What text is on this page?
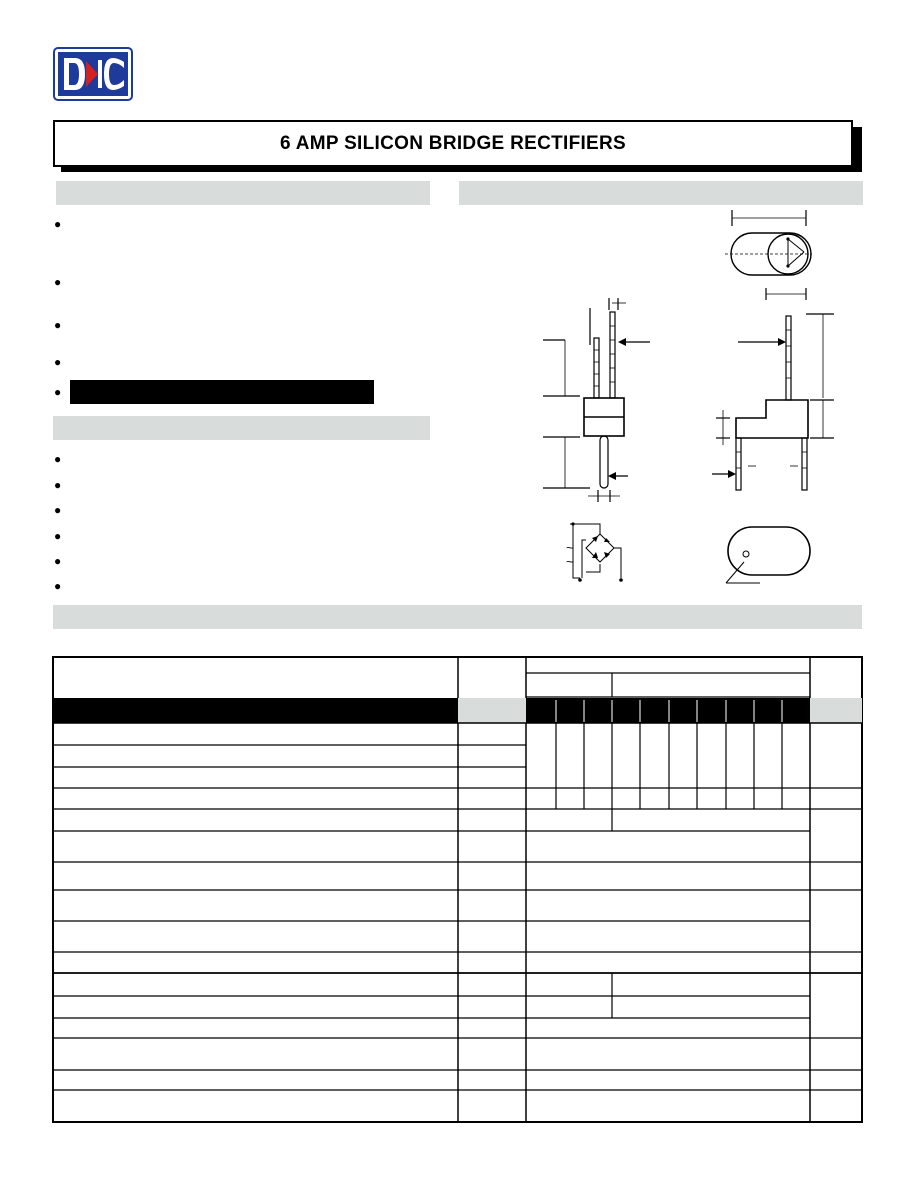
6 AMP SILICON BRIDGE RECTIFIERS
●
●
●
●
●
●
●
●
●
●
●
~
~
